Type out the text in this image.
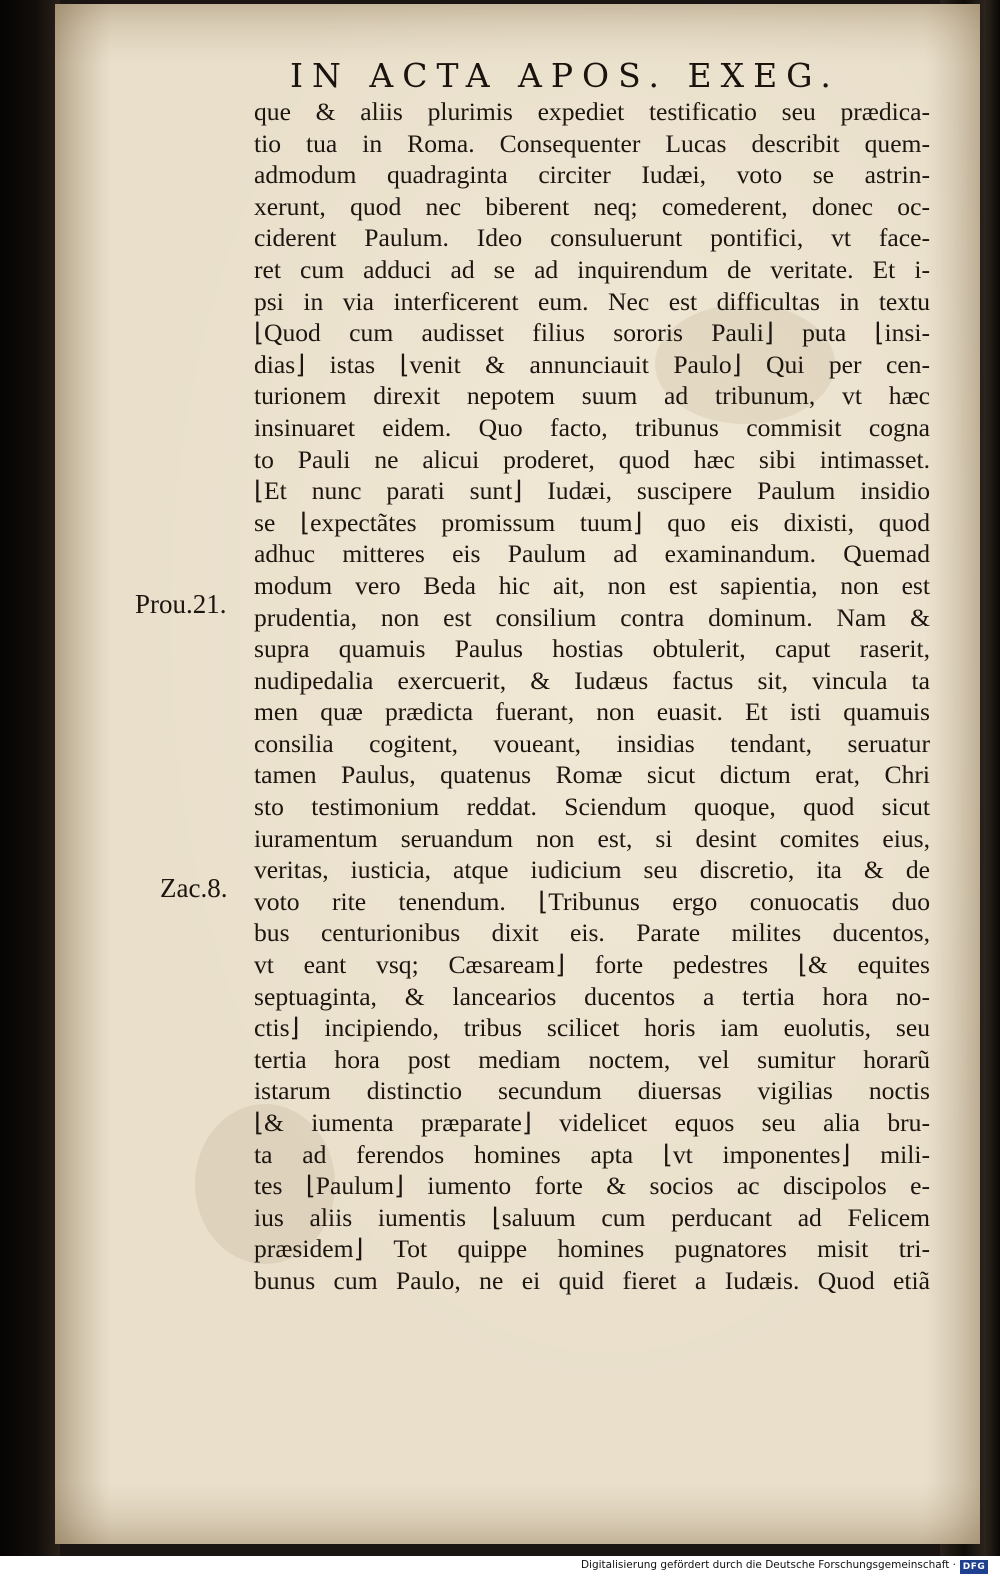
IN ACTA APOS. EXEG.
Prou.21.
Zac.8.
que & aliis plurimis expediet testificatio seu prædica-
tio tua in Roma. Consequenter Lucas describit quem-
admodum quadraginta circiter Iudæi, voto se astrin-
xerunt, quod nec biberent neq; comederent, donec oc-
ciderent Paulum. Ideo consuluerunt pontifici, vt face-
ret cum adduci ad se ad inquirendum de veritate. Et i-
psi in via interficerent eum. Nec est difficultas in textu
⌊Quod cum audisset filius sororis Pauli⌋ puta ⌊insi-
dias⌋ istas ⌊venit & annunciauit Paulo⌋ Qui per cen-
turionem direxit nepotem suum ad tribunum, vt hæc
insinuaret eidem. Quo facto, tribunus commisit cogna
to Pauli ne alicui proderet, quod hæc sibi intimasset.
⌊Et nunc parati sunt⌋ Iudæi, suscipere Paulum insidio
se ⌊expectãtes promissum tuum⌋ quo eis dixisti, quod
adhuc mitteres eis Paulum ad examinandum. Quemad
modum vero Beda hic ait, non est sapientia, non est
prudentia, non est consilium contra dominum. Nam &
supra quamuis Paulus hostias obtulerit, caput raserit,
nudipedalia exercuerit, & Iudæus factus sit, vincula ta
men quæ prædicta fuerant, non euasit. Et isti quamuis
consilia cogitent, voueant, insidias tendant, seruatur
tamen Paulus, quatenus Romæ sicut dictum erat, Chri
sto testimonium reddat. Sciendum quoque, quod sicut
iuramentum seruandum non est, si desint comites eius,
veritas, iusticia, atque iudicium seu discretio, ita & de
voto rite tenendum. ⌊Tribunus ergo conuocatis duo
bus centurionibus dixit eis. Parate milites ducentos,
vt eant vsq; Cæsaream⌋ forte pedestres ⌊& equites
septuaginta, & lancearios ducentos a tertia hora no-
ctis⌋ incipiendo, tribus scilicet horis iam euolutis, seu
tertia hora post mediam noctem, vel sumitur horarũ
istarum distinctio secundum diuersas vigilias noctis
⌊& iumenta præparate⌋ videlicet equos seu alia bru-
ta ad ferendos homines apta ⌊vt imponentes⌋ mili-
tes ⌊Paulum⌋ iumento forte & socios ac discipolos e-
ius aliis iumentis ⌊saluum cum perducant ad Felicem
præsidem⌋ Tot quippe homines pugnatores misit tri-
bunus cum Paulo, ne ei quid fieret a Iudæis. Quod etiã
Digitalisierung gefördert durch die Deutsche Forschungsgemeinschaft · DFG
